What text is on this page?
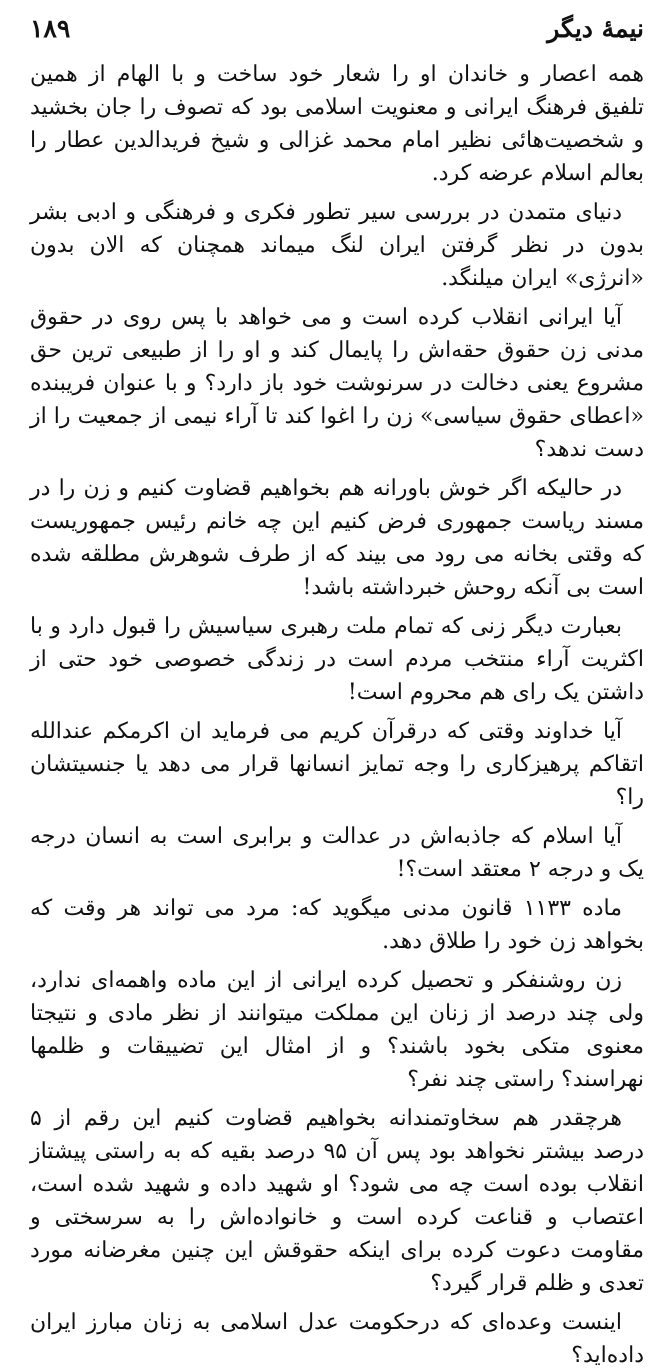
نیمهٔ دیگر
۱۸۹

همه اعصار و خاندان او را شعار خود ساخت و با الهام از همین تلفیق فرهنگ ایرانی و معنویت اسلامی بود که تصوف را جان بخشید و شخصیت‌هائی نظیر امام محمد غزالی و شیخ فریدالدین عطار را بعالم اسلام عرضه کرد.

دنیای متمدن در بررسی سیر تطور فکری و فرهنگی و ادبی بشر بدون در نظر گرفتن ایران لنگ میماند همچنان که الان بدون «انرژی» ایران میلنگد.

آیا ایرانی انقلاب کرده است و می خواهد با پس روی در حقوق مدنی زن حقوق حقه‌اش را پایمال کند و او را از طبیعی ترین حق مشروع یعنی دخالت در سرنوشت خود باز دارد؟ و با عنوان فریبنده «اعطای حقوق سیاسی» زن را اغوا کند تا آراء نیمی از جمعیت را از دست ندهد؟

در حالیکه اگر خوش باورانه هم بخواهیم قضاوت کنیم و زن را در مسند ریاست جمهوری فرض کنیم این چه خانم رئیس جمهوریست که وقتی بخانه می رود می بیند که از طرف شوهرش مطلقه شده است بی آنکه روحش خبرداشته باشد!

بعبارت دیگر زنی که تمام ملت رهبری سیاسیش را قبول دارد و با اکثریت آراء منتخب مردم است در زندگی خصوصی خود حتی از داشتن یک رای هم محروم است!

آیا خداوند وقتی که درقرآن کریم می فرماید ان اکرمکم عندالله اتقاکم پرهیزکاری را وجه تمایز انسانها قرار می دهد یا جنسیتشان را؟

آیا اسلام که جاذبه‌اش در عدالت و برابری است به انسان درجه یک و درجه ۲ معتقد است؟!

ماده ۱۱۳۳ قانون مدنی میگوید که: مرد می تواند هر وقت که بخواهد زن خود را طلاق دهد.

زن روشنفکر و تحصیل کرده ایرانی از این ماده واهمه‌ای ندارد، ولی چند درصد از زنان این مملکت میتوانند از نظر مادی و نتیجتا معنوی متکی بخود باشند؟ و از امثال این تضییقات و ظلمها نهراسند؟ راستی چند نفر؟

هرچقدر هم سخاوتمندانه بخواهیم قضاوت کنیم این رقم از ۵ درصد بیشتر نخواهد بود پس آن ۹۵ درصد بقیه که به راستی پیشتاز انقلاب بوده است چه می شود؟ او شهید داده و شهید شده است، اعتصاب و قناعت کرده است و خانواده‌اش را به سرسختی و مقاومت دعوت کرده برای اینکه حقوقش این چنین مغرضانه مورد تعدی و ظلم قرار گیرد؟

اینست وعده‌ای که درحکومت عدل اسلامی به زنان مبارز ایران داده‌اید؟
